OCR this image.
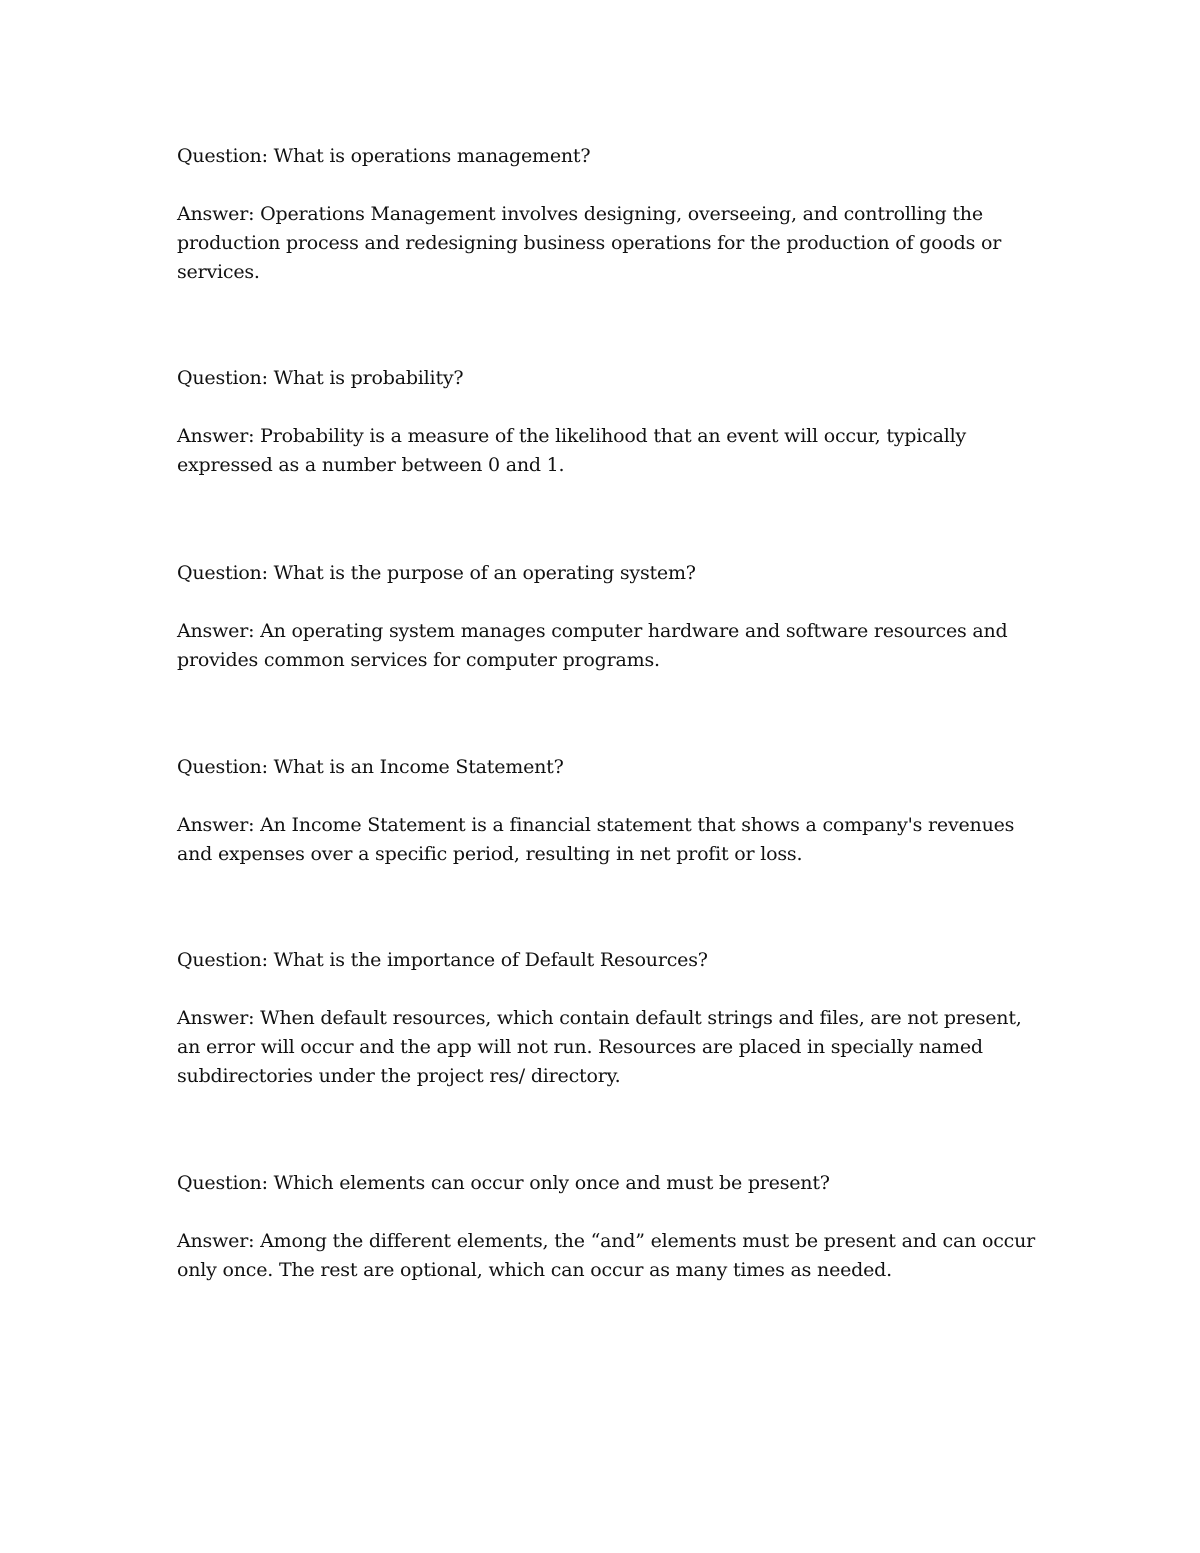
Question: What is operations management?

Answer: Operations Management involves designing, overseeing, and controlling the production process and redesigning business operations for the production of goods or services.

Question: What is probability?

Answer: Probability is a measure of the likelihood that an event will occur, typically expressed as a number between 0 and 1.

Question: What is the purpose of an operating system?

Answer: An operating system manages computer hardware and software resources and provides common services for computer programs.

Question: What is an Income Statement?

Answer: An Income Statement is a financial statement that shows a company's revenues and expenses over a specific period, resulting in net profit or loss.

Question: What is the importance of Default Resources?

Answer: When default resources, which contain default strings and files, are not present, an error will occur and the app will not run. Resources are placed in specially named subdirectories under the project res/ directory.

Question: Which elements can occur only once and must be present?

Answer: Among the different elements, the “and” elements must be present and can occur only once. The rest are optional, which can occur as many times as needed.
